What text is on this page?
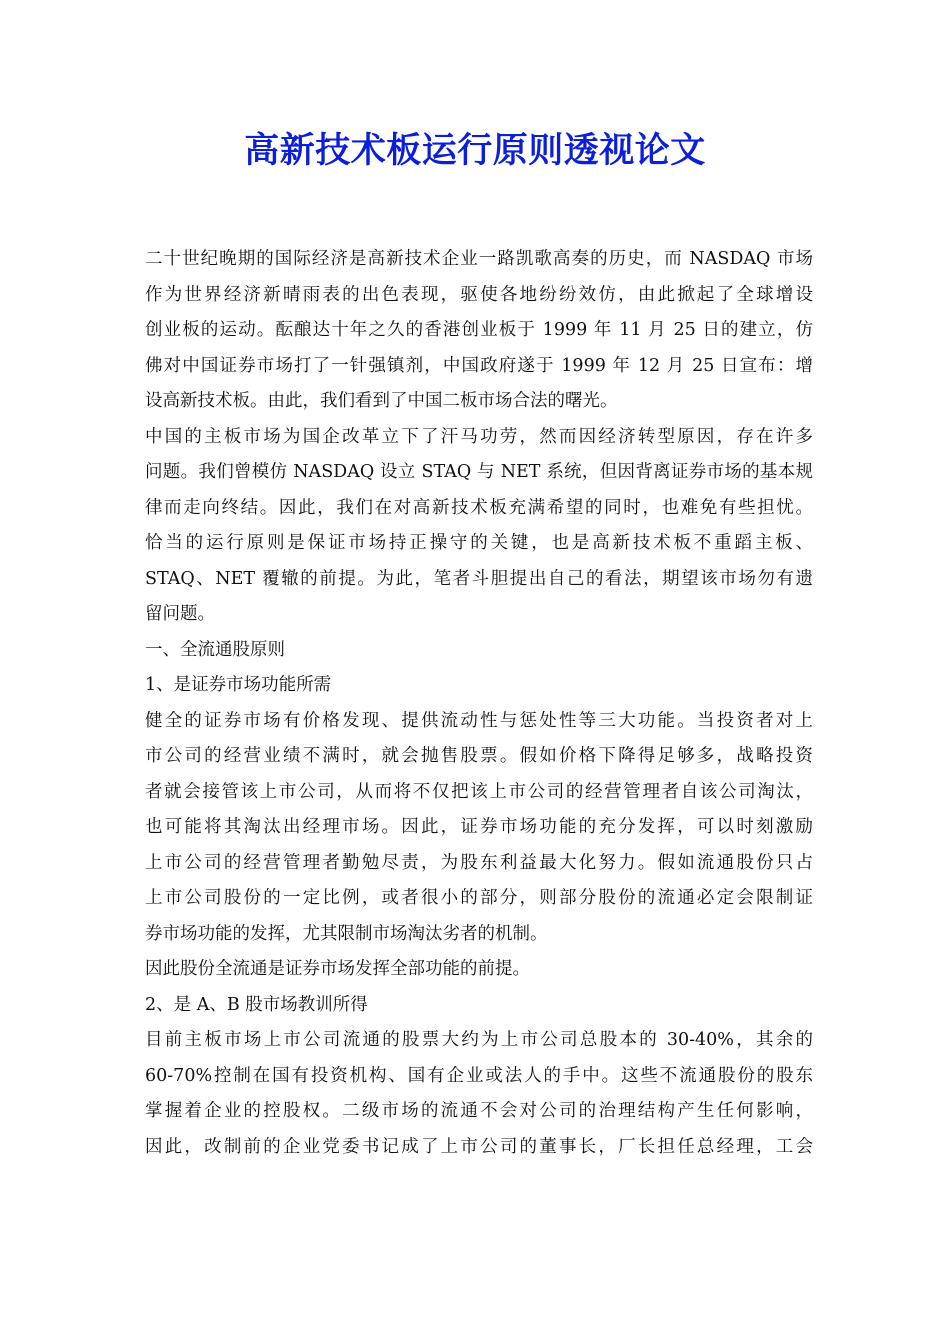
高新技术板运行原则透视论文
二十世纪晚期的国际经济是高新技术企业一路凯歌高奏的历史，而 NASDAQ 市场
作为世界经济新晴雨表的出色表现，驱使各地纷纷效仿，由此掀起了全球增设
创业板的运动。酝酿达十年之久的香港创业板于 1999 年 11 月 25 日的建立，仿
佛对中国证券市场打了一针强镇剂，中国政府遂于 1999 年 12 月 25 日宣布：增
设高新技术板。由此，我们看到了中国二板市场合法的曙光。
中国的主板市场为国企改革立下了汗马功劳，然而因经济转型原因，存在许多
问题。我们曾模仿 NASDAQ 设立 STAQ 与 NET 系统，但因背离证券市场的基本规
律而走向终结。因此，我们在对高新技术板充满希望的同时，也难免有些担忧。
恰当的运行原则是保证市场持正操守的关键，也是高新技术板不重蹈主板、
STAQ、NET 覆辙的前提。为此，笔者斗胆提出自己的看法，期望该市场勿有遗
留问题。
一、全流通股原则
1、是证券市场功能所需
健全的证券市场有价格发现、提供流动性与惩处性等三大功能。当投资者对上
市公司的经营业绩不满时，就会抛售股票。假如价格下降得足够多，战略投资
者就会接管该上市公司，从而将不仅把该上市公司的经营管理者自该公司淘汰，
也可能将其淘汰出经理市场。因此，证券市场功能的充分发挥，可以时刻激励
上市公司的经营管理者勤勉尽责，为股东利益最大化努力。假如流通股份只占
上市公司股份的一定比例，或者很小的部分，则部分股份的流通必定会限制证
券市场功能的发挥，尤其限制市场淘汰劣者的机制。
因此股份全流通是证券市场发挥全部功能的前提。
2、是 A、B 股市场教训所得
目前主板市场上市公司流通的股票大约为上市公司总股本的 30-40%，其余的
60-70%控制在国有投资机构、国有企业或法人的手中。这些不流通股份的股东
掌握着企业的控股权。二级市场的流通不会对公司的治理结构产生任何影响，
因此，改制前的企业党委书记成了上市公司的董事长，厂长担任总经理，工会
